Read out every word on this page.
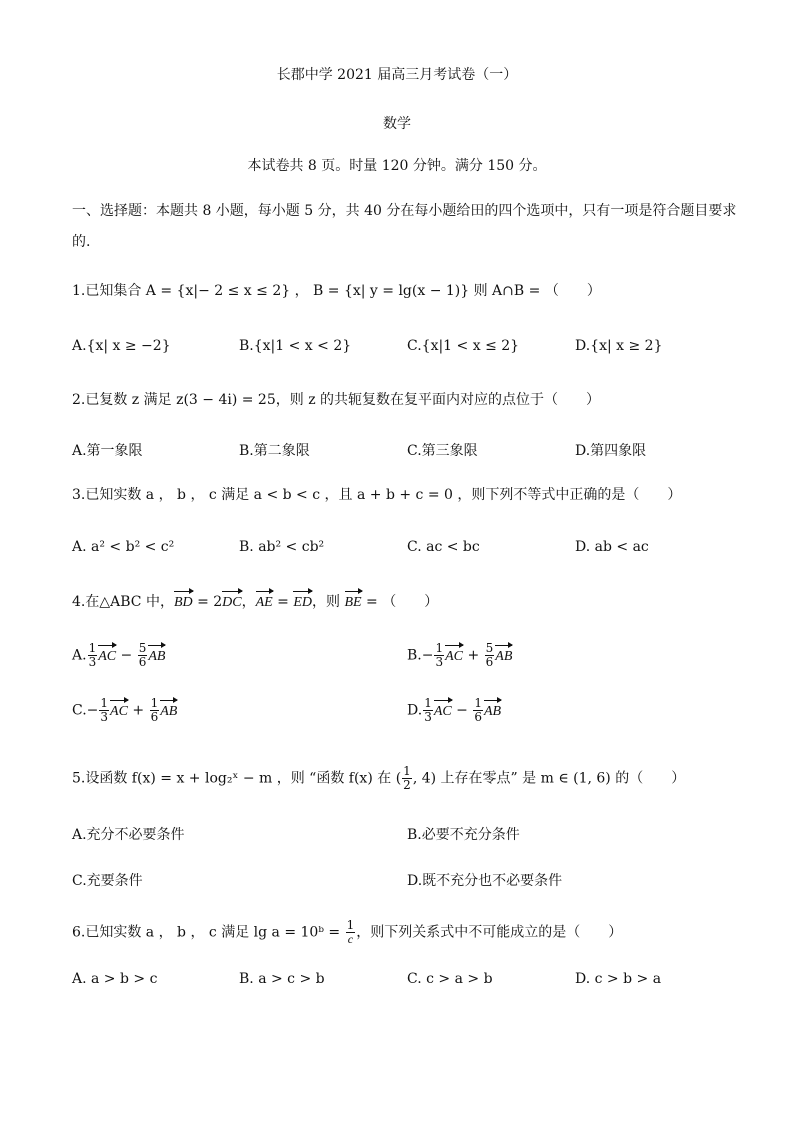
长郡中学 2021 届高三月考试卷（一）
数学
本试卷共 8 页。时量 120 分钟。满分 150 分。
一、选择题：本题共 8 小题，每小题 5 分，共 40 分在每小题给田的四个选项中，只有一项是符合题目要求
的.
1.已知集合 A = {x|− 2 ≤ x ≤ 2} ， B = {x| y = lg(x − 1)} 则 A∩B = （　　）
A.{x| x ≥ −2}	B.{x|1 < x < 2}	C.{x|1 < x ≤ 2}	D.{x| x ≥ 2}
2.已复数 z 满足 z(3 − 4i) = 25，则 z 的共轭复数在复平面内对应的点位于（　　）
A.第一象限	B.第二象限	C.第三象限	D.第四象限
3.已知实数 a ， b ， c 满足 a < b < c ，且 a + b + c = 0 ，则下列不等式中正确的是（　　）
A. a² < b² < c²	B. ab² < cb²	C. ac < bc	D. ab < ac
4.在△ABC 中，BD = 2DC，AE = ED，则 BE = （　　）
A. $\frac{1}{3}$ AC − $\frac{5}{6}$ AB	$B.- \frac{1}{3}$ AC + $\frac{5}{6}$ AB
$C.- \frac{1}{3}$ AC + $\frac{1}{6}$ AB	D. $\frac{1}{3}$ AC − $\frac{1}{6}$ AB
5.设函数 f(x) = x + log₂ˣ − m ，则 “函数 f(x) 在 ( $\frac{1}{2}$ , 4) 上存在零点” 是 m ∈ (1, 6) 的（　　）
A.充分不必要条件	B.必要不充分条件
C.充要条件	D.既不充分也不必要条件
6.已知实数 a ， b ， c 满足 lg a = 10ᵇ = $\frac{1}{c}$ ，则下列关系式中不可能成立的是（　　）
A. a > b > c	B. a > c > b	C. c > a > b	D. c > b > a
